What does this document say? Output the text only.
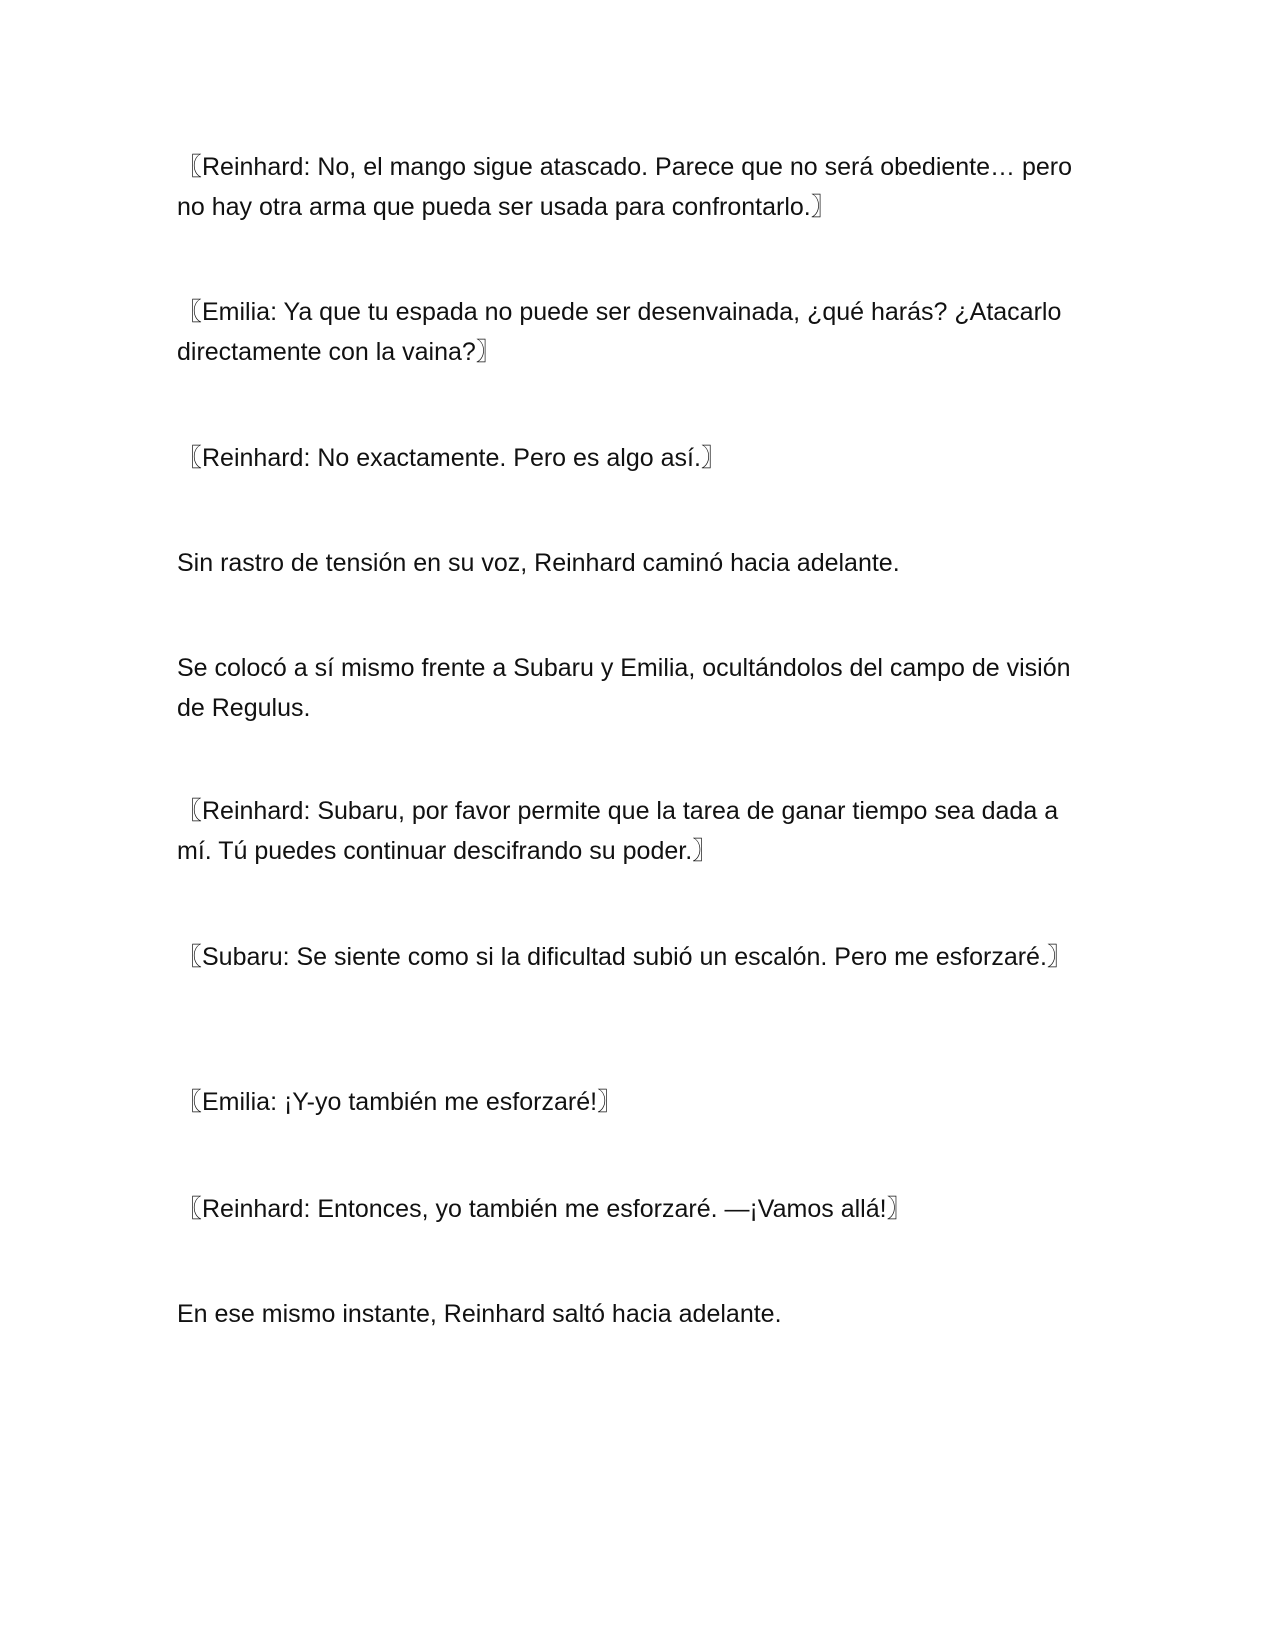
〖Reinhard: No, el mango sigue atascado. Parece que no será obediente… pero no hay otra arma que pueda ser usada para confrontarlo.〗

〖Emilia: Ya que tu espada no puede ser desenvainada, ¿qué harás? ¿Atacarlo directamente con la vaina?〗

〖Reinhard: No exactamente. Pero es algo así.〗

Sin rastro de tensión en su voz, Reinhard caminó hacia adelante.

Se colocó a sí mismo frente a Subaru y Emilia, ocultándolos del campo de visión de Regulus.

〖Reinhard: Subaru, por favor permite que la tarea de ganar tiempo sea dada a mí. Tú puedes continuar descifrando su poder.〗

〖Subaru: Se siente como si la dificultad subió un escalón. Pero me esforzaré.〗

〖Emilia: ¡Y-yo también me esforzaré!〗

〖Reinhard: Entonces, yo también me esforzaré. —¡Vamos allá!〗

En ese mismo instante, Reinhard saltó hacia adelante.
